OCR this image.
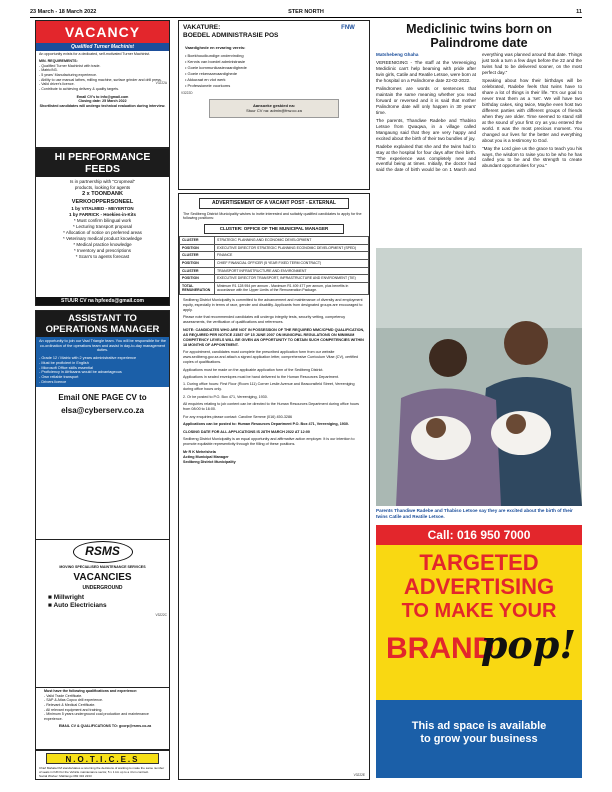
23 March - 18 March 2022	STER NORTH	11
VACANCY
Qualified Turner Machinist

An opportunity exists for a dedicated, self-motivated Turner Machinist.

MIN. REQUIREMENTS:

- Qualified Turner Machinist with trade.

- Matric/N3.

- 5 years' Manufacturing experience.

- Ability to use manual lathes, milling machine, surface grinder and drill press.

- Valid driver's licence.

- Contribute to achieving delivery & quality targets.

Email CV's to info@gmail.com

Closing date: 25 March 2022

Shortlisted candidates will undergo technical evaluation during interview.

V3222A
HI PERFORMANCE FEEDS
Is in partnership with "Cropmeal"
products, looking for agents
2 x TOONDANK
VERKOOPPERSONEEL
1 by VITALMED - MEYERTON
1 by FARRICK - Hoekies-in-Kits
* Must confirm bilingual work
* Lecturing transport proposal
* Allocation of notice on preferred areas
* Veterinary medical product knowledge
* Medical practice knowledge
* Inventory and prescriptions
* Scan's to agents forecast
STUUR CV na hpfeeds@gmail.com
ASSISTANT TO OPERATIONS MANAGER
An opportunity to join our Vaal Triangle team. You will be responsible for the co-ordination of the operations team and assist in day-to-day management duties.
- Grade 12 / Matric with 2 years administrative experience
- Must be proficient in English
- Microsoft Office skills essential
- Proficiency in Afrikaans would be advantageous
- Own reliable transport
- Drivers licence
Email ONE PAGE CV to
elsa@cyberserv.co.za
RSMS
MOVING SPECIALISED MAINTENANCE SERVICES
VACANCIES
UNDERGROUND
■ Millwright
■ Auto Electricians
V3222C

Must have the following qualifications and experience:

- Valid Trade Certificate.

- SAP & Atlas Copco drill experience.

- Relevant & Medical Certificate.

- All relevant equipment and training.

- Minimum 5 years underground coal production and maintenance experience.

EMAIL CV & QUALIFICATIONS TO: gcorp@rsms.co.za

N.O.T.I.C.E.S

Chief Mahala FM stands/status a returning the decisions of wanting to make the same number of seats in KZN for the Vehicle maintenance sector, 5 x 1 km up to a 4 km contract.

Social Worker: Mahlangu 082 332 2233

VAKATURE:
BOEDEL ADMINISTRASIE POS
FNW
Vaardighede en ervaring vereis:
• Boekhoudkundige ondervinding
• Kennis van boedel administrasie
• Goeie kommunikasievaardighede
• Goeie rekenaarvaardighede
• Akkuraat en vlot werk
• Professionele voorkoms
Aansoeke geskied na:
Stuur CV na: admin@fnw.co.za
V3222D
ADVERTISEMENT OF A VACANT POST - EXTERNAL
The Sedibeng District Municipality wishes to invite interested and suitably qualified candidates to apply for the following positions:
CLUSTER: OFFICE OF THE MUNICIPAL MANAGER
CLUSTER	STRATEGIC PLANNING AND ECONOMIC DEVELOPMENT
POSITION	EXECUTIVE DIRECTOR STRATEGIC PLANNING ECONOMIC DEVELOPMENT (SPED)
CLUSTER	FINANCE
POSITION	CHIEF FINANCIAL OFFICER (5 YEAR FIXED TERM CONTRACT)
CLUSTER	TRANSPORT INFRASTRUCTURE AND ENVIRONMENT
POSITION	EXECUTIVE DIRECTOR TRANSPORT, INFRASTRUCTURE AND ENVIRONMENT (TIE)
TOTAL REMUNERATION	Minimum R1 128 954 per annum - Maximum R1 409 477 per annum, plus benefits in accordance with the Upper Limits of the Remuneration Package.

Sedibeng District Municipality is committed to the advancement and maintenance of diversity and employment equity, especially in terms of race, gender and disability. Applicants from designated groups are encouraged to apply.

Please note that recommended candidates will undergo integrity tests, security vetting, competency assessments, the verification of qualifications and references.

NOTE: CANDIDATES WHO ARE NOT IN POSSESSION OF THE REQUIRED MMC/CPMD QUALIFICATION, AS REQUIRED PER NOTICE 21587 OF 15 JUNE 2007 ON MUNICIPAL REGULATIONS ON MINIMUM COMPETENCY LEVELS WILL BE GIVEN AN OPPORTUNITY TO OBTAIN SUCH COMPETENCIES WITHIN 18 MONTHS OF APPOINTMENT.

For appointment, candidates must complete the prescribed application form from our website www.sedibeng.gov.za and attach a signed application letter, comprehensive Curriculum Vitae (CV), certified copies of qualifications.

Applications must be made on the applicable application form of the Sedibeng District.

Applications in sealed envelopes must be hand delivered to the Human Resources Department.

1. During office hours: First Floor (Room 111) Corner Leslie Avenue and Beaconsfield Street, Vereeniging during office hours only.

2. Or be posted to P.O. Box 471, Vereeniging, 1930.

All enquiries relating to job content can be directed to the Human Resources Department during office hours from 08:00 to 16:00.

For any enquiries please contact: Caroline Semme (016) 450-3286

Applications can be posted to: Human Resources Department P.O. Box 471, Vereeniging, 1930.

CLOSING DATE FOR ALL APPLICATIONS IS 28TH MARCH 2022 AT 12:00

Sedibeng District Municipality is an equal opportunity and affirmative action employer. It is our intention to promote equitable representivity through the filling of these positions.

Mr R K Mehelshela

Acting Municipal Manager

Sedibeng District Municipality

V3222E
Mediclinic twins born on Palindrome date

Matshebeng Ghaha

VEREENIGING - The staff at the Vereeniging Mediclinic can't help beaming with pride after twin girls, Catile and Reatile Letsoe, were born at the hospital on a Palindrome date 22-02-2022.

Palindromes are words or sentences that maintain the same meaning whether you read forward or reversed and it is said that mother Palindrome date will only happen in 30 years' time.

The parents, Thandiwe Radebe and Thabiso Letsoe from Qwaqwa, in a village called Mangaung said that they are very happy and excited about the birth of their two bundles of joy.

Radebe explained that she and the twins had to stay at the hospital for four days after their birth. "The experience was completely new and eventful being at times. Initially, the doctor had said the date of birth would be on 1 March and everything was planned around that date. Things just took a turn a few days before the 22 and the twins had to be delivered sooner, on the most perfect day."

Speaking about how their birthdays will be celebrated, Radebe feels that twins have to share a lot of things in their life. "It's our goal to never treat them as a 'set'. We will have two birthday cakes, sing twice, Maybe even host two different parties with different groups of friends when they are older. Time seemed to stand still at the sound of your first cry as you entered the world. It was the most precious moment. You changed our lives for the better and everything about you is a testimony to God.

"May the Lord give us the grace to teach you his ways, the wisdom to raise you to be who he has called you to be and the strength to create abundant opportunities for you."

Parents Thandiwe Radebe and Thabiso Letsoe say they are excited about the birth of their twins Catile and Reatile Letsoe.
Call: 016 950 7000
TARGETED
ADVERTISING
TO MAKE YOUR
BRAND
pop!
This ad space is available
to grow your business
